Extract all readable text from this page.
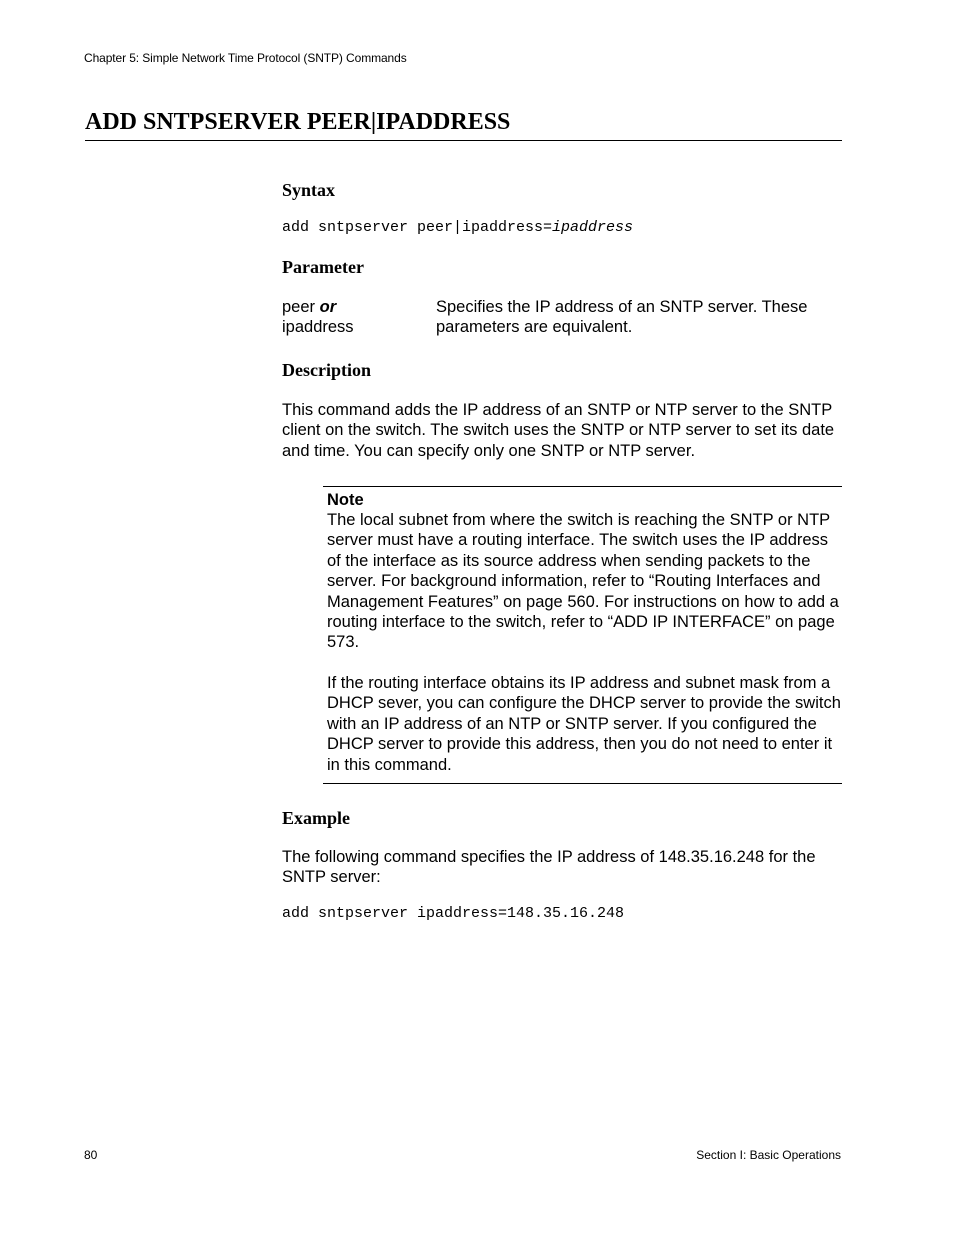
Chapter 5: Simple Network Time Protocol (SNTP) Commands
ADD SNTPSERVER PEER|IPADDRESS
Syntax
add sntpserver peer|ipaddress=ipaddress
Parameter
peer or
ipaddress
Specifies the IP address of an SNTP server. These parameters are equivalent.
Description

This command adds the IP address of an SNTP or NTP server to the SNTP client on the switch. The switch uses the SNTP or NTP server to set its date and time. You can specify only one SNTP or NTP server.

Note

The local subnet from where the switch is reaching the SNTP or NTP server must have a routing interface. The switch uses the IP address of the interface as its source address when sending packets to the server. For background information, refer to “Routing Interfaces and Management Features” on page 560. For instructions on how to add a routing interface to the switch, refer to “ADD IP INTERFACE” on page 573.

If the routing interface obtains its IP address and subnet mask from a DHCP sever, you can configure the DHCP server to provide the switch with an IP address of an NTP or SNTP server. If you configured the DHCP server to provide this address, then you do not need to enter it in this command.

Example

The following command specifies the IP address of 148.35.16.248 for the SNTP server:

add sntpserver ipaddress=148.35.16.248
80	Section I: Basic Operations
